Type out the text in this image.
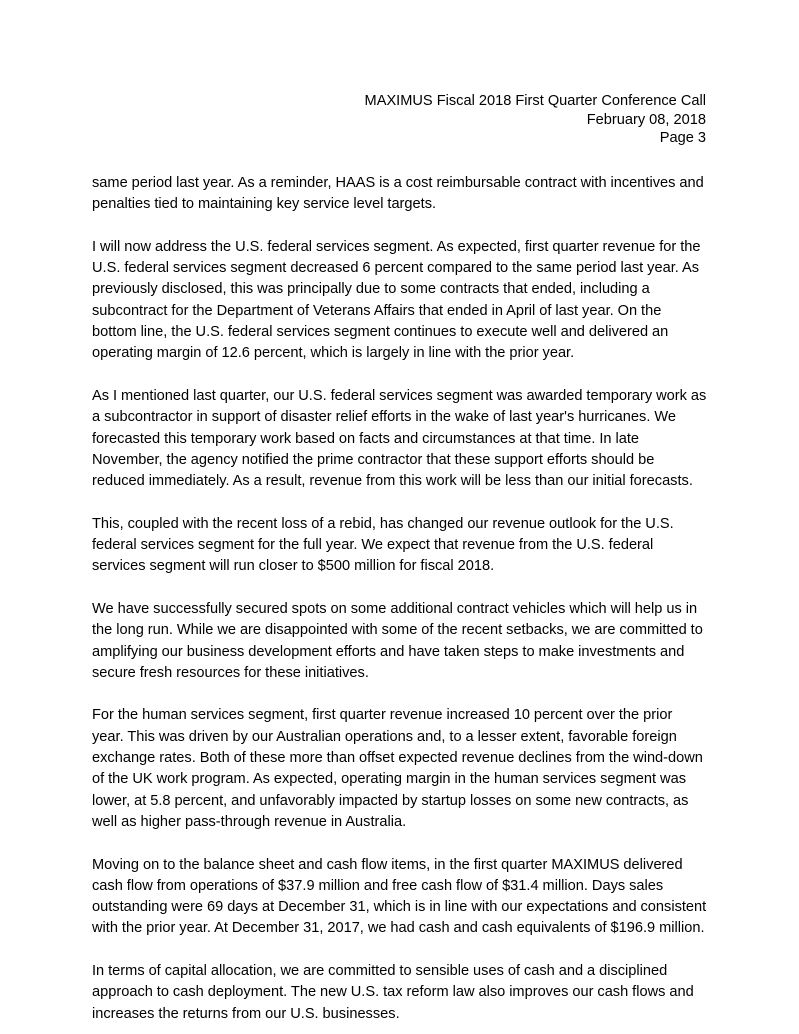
MAXIMUS Fiscal 2018 First Quarter Conference Call
February 08, 2018
Page 3

same period last year. As a reminder, HAAS is a cost reimbursable contract with incentives and penalties tied to maintaining key service level targets.

I will now address the U.S. federal services segment. As expected, first quarter revenue for the U.S. federal services segment decreased 6 percent compared to the same period last year. As previously disclosed, this was principally due to some contracts that ended, including a subcontract for the Department of Veterans Affairs that ended in April of last year. On the bottom line, the U.S. federal services segment continues to execute well and delivered an operating margin of 12.6 percent, which is largely in line with the prior year.

As I mentioned last quarter, our U.S. federal services segment was awarded temporary work as a subcontractor in support of disaster relief efforts in the wake of last year's hurricanes. We forecasted this temporary work based on facts and circumstances at that time. In late November, the agency notified the prime contractor that these support efforts should be reduced immediately. As a result, revenue from this work will be less than our initial forecasts.

This, coupled with the recent loss of a rebid, has changed our revenue outlook for the U.S. federal services segment for the full year. We expect that revenue from the U.S. federal services segment will run closer to $500 million for fiscal 2018.

We have successfully secured spots on some additional contract vehicles which will help us in the long run. While we are disappointed with some of the recent setbacks, we are committed to amplifying our business development efforts and have taken steps to make investments and secure fresh resources for these initiatives.

For the human services segment, first quarter revenue increased 10 percent over the prior year. This was driven by our Australian operations and, to a lesser extent, favorable foreign exchange rates. Both of these more than offset expected revenue declines from the wind-down of the UK work program. As expected, operating margin in the human services segment was lower, at 5.8 percent, and unfavorably impacted by startup losses on some new contracts, as well as higher pass-through revenue in Australia.

Moving on to the balance sheet and cash flow items, in the first quarter MAXIMUS delivered cash flow from operations of $37.9 million and free cash flow of $31.4 million. Days sales outstanding were 69 days at December 31, which is in line with our expectations and consistent with the prior year. At December 31, 2017, we had cash and cash equivalents of $196.9 million.

In terms of capital allocation, we are committed to sensible uses of cash and a disciplined approach to cash deployment. The new U.S. tax reform law also improves our cash flows and increases the returns from our U.S. businesses.
